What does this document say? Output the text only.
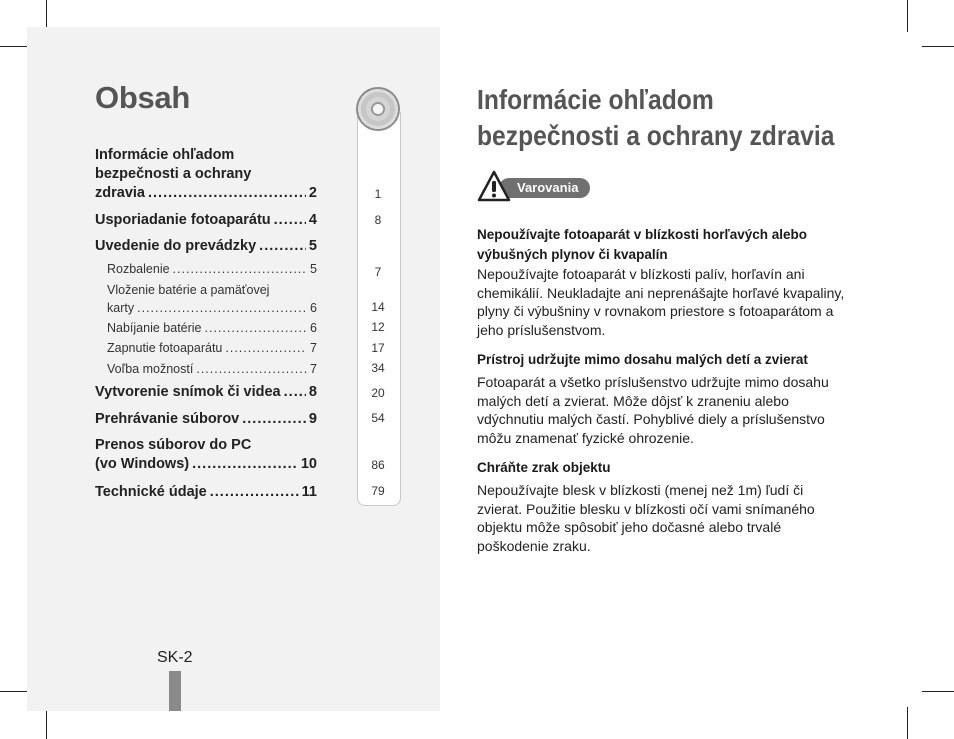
Obsah
1
8
7
14
12
17
34
20
54
86
79
Informácie ohľadom
bezpečnosti a ochrany
zdravia .....	2
Usporiadanie fotoaparátu .....	4
Uvedenie do prevádzky .....	5
Rozbalenie .....	5
Vloženie batérie a pamäťovej
karty .....	6
Nabíjanie batérie .....	6
Zapnutie fotoaparátu .....	7
Voľba možností .....	7
Vytvorenie snímok či videa ..... 8
Prehrávanie súborov .....	9
Prenos súborov do PC
(vo Windows) .....	10
Technické údaje .....	11
SK-2
Informácie ohľadom
bezpečnosti a ochrany zdravia
Varovania
Nepoužívajte fotoaparát v blízkosti horľavých alebo výbušných plynov či kvapalín
Nepoužívajte fotoaparát v blízkosti palív, horľavín ani chemikálií. Neukladajte ani neprenášajte horľavé kvapaliny, plyny či výbušniny v rovnakom priestore s fotoaparátom a jeho príslušenstvom.
Prístroj udržujte mimo dosahu malých detí a zvierat
Fotoaparát a všetko príslušenstvo udržujte mimo dosahu malých detí a zvierat. Môže dôjsť k zraneniu alebo vdýchnutiu malých častí. Pohyblivé diely a príslušenstvo môžu znamenať fyzické ohrozenie.
Chráňte zrak objektu
Nepoužívajte blesk v blízkosti (menej než 1m) ľudí či zvierat. Použitie blesku v blízkosti očí vami snímaného objektu môže spôsobiť jeho dočasné alebo trvalé poškodenie zraku.
